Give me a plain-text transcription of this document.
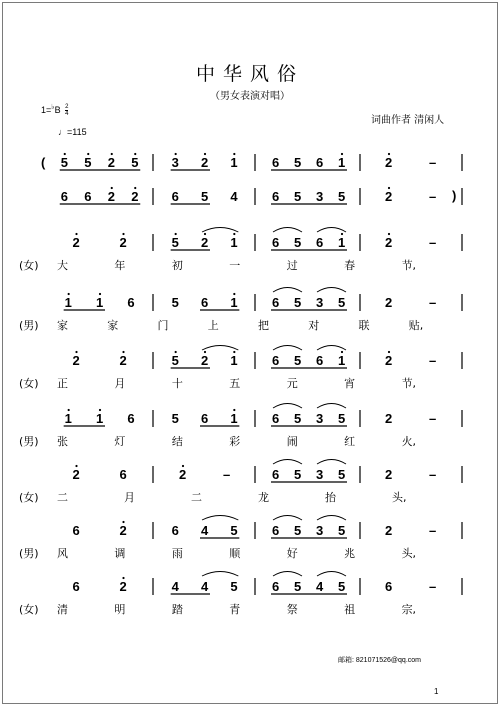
中华风俗
（男女表演对唱）
$1=^♭B \frac{2}{4}$
♩=115
词曲作者 清闲人
( 5 5 2 5	3 2 1	6 5 6 1	2	–
6 6 2 2	6 5 4	6 5 3 5	2	– )
2	2	5 2 1	6 5 6 1	2	–
(女) 大	年	初	一	过	春	节,
1 1 6	5 6 1	6 5 3 5	2	–
(男) 家	家	门	上	把	对	联	贴,
2	2	5 2 1	6 5 6 1	2	–
(女) 正	月	十	五	元	宵	节,
1 1 6	5 6 1	6 5 3 5	2	–
(男) 张	灯	结	彩	闹	红	火,
2	6	2	–	6 5 3 5	2	–
(女) 二	月	二	龙	抬	头,
6	2	6 4 5	6 5 3 5	2	–
(男) 风	调	雨	顺	好	兆	头,
6	2	4 4 5	6 5 4 5	6	–
(女) 清	明	踏	青	祭	祖	宗,
邮箱: 821071526@qq.com
1
